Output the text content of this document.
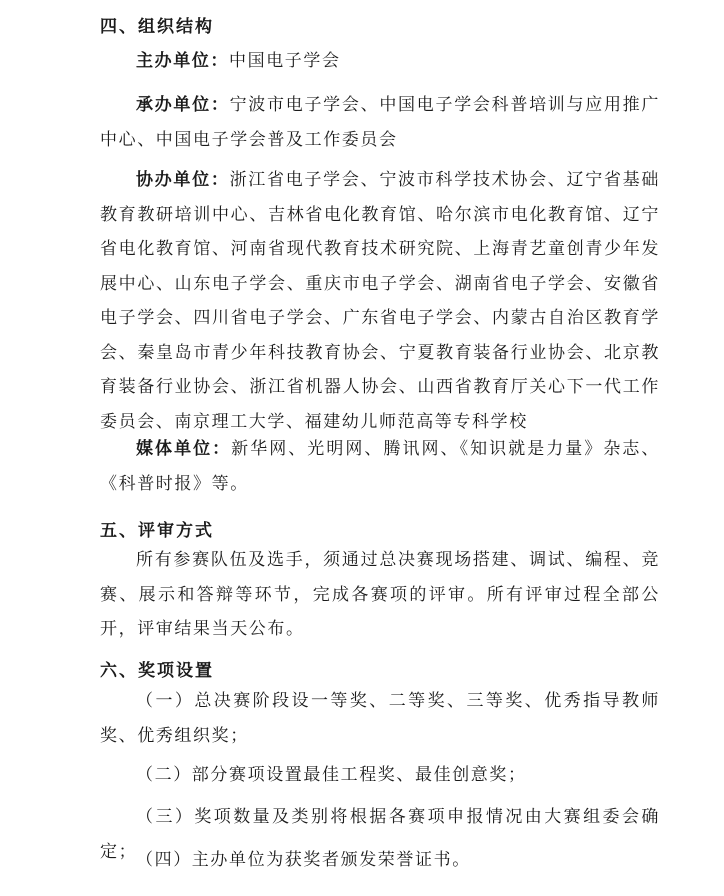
四、组织结构

主办单位：中国电子学会

承办单位：宁波市电子学会、中国电子学会科普培训与应用推广中心、中国电子学会普及工作委员会

协办单位：浙江省电子学会、宁波市科学技术协会、辽宁省基础教育教研培训中心、吉林省电化教育馆、哈尔滨市电化教育馆、辽宁省电化教育馆、河南省现代教育技术研究院、上海青艺童创青少年发展中心、山东电子学会、重庆市电子学会、湖南省电子学会、安徽省电子学会、四川省电子学会、广东省电子学会、内蒙古自治区教育学会、秦皇岛市青少年科技教育协会、宁夏教育装备行业协会、北京教育装备行业协会、浙江省机器人协会、山西省教育厅关心下一代工作委员会、南京理工大学、福建幼儿师范高等专科学校

媒体单位：新华网、光明网、腾讯网、《知识就是力量》杂志、《科普时报》等。

五、评审方式

所有参赛队伍及选手，须通过总决赛现场搭建、调试、编程、竞赛、展示和答辩等环节，完成各赛项的评审。所有评审过程全部公开，评审结果当天公布。

六、奖项设置

（一）总决赛阶段设一等奖、二等奖、三等奖、优秀指导教师奖、优秀组织奖；

（二）部分赛项设置最佳工程奖、最佳创意奖；

（三）奖项数量及类别将根据各赛项申报情况由大赛组委会确定；

（四）主办单位为获奖者颁发荣誉证书。
